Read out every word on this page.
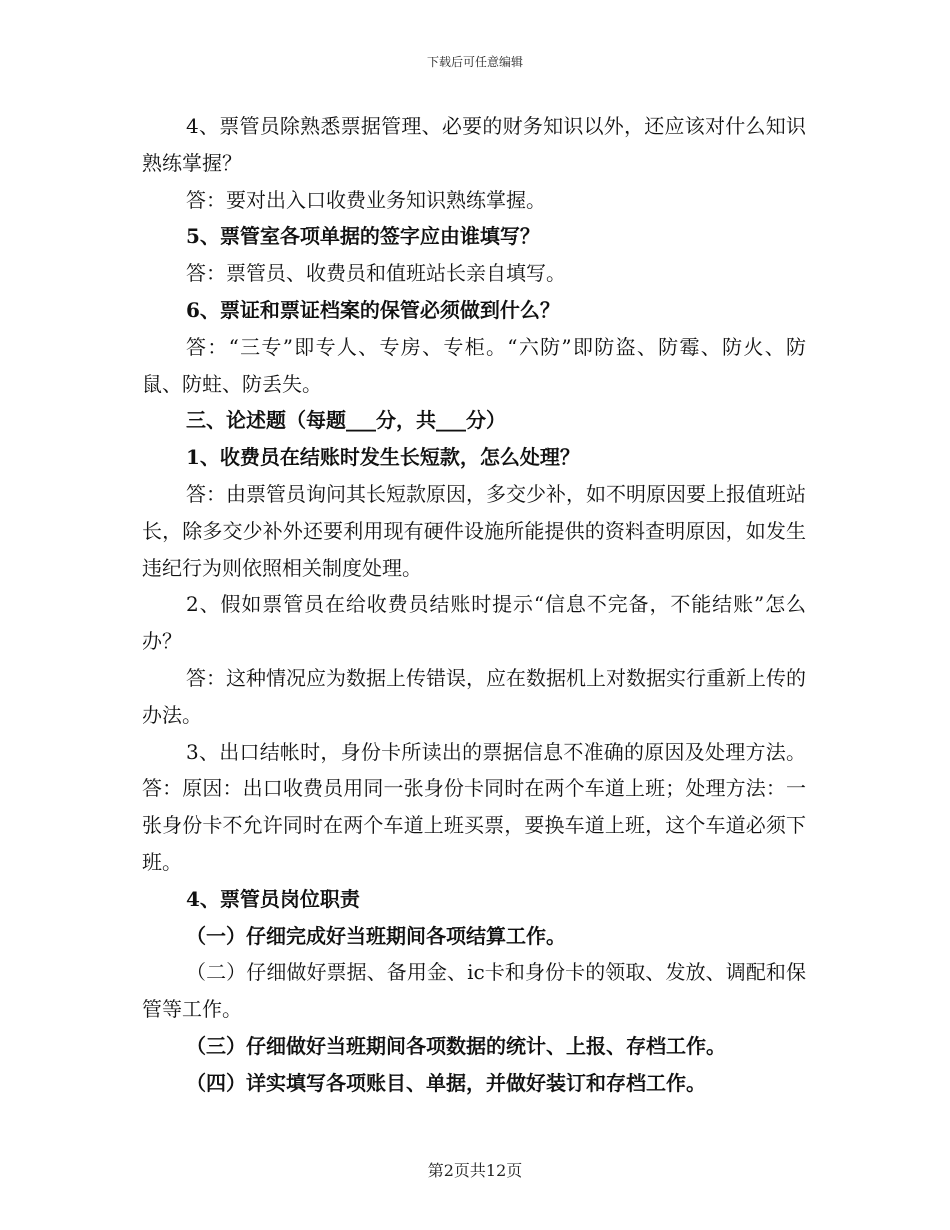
下载后可任意编辑

4、票管员除熟悉票据管理、必要的财务知识以外，还应该对什么知识熟练掌握？

答：要对出入口收费业务知识熟练掌握。

5、票管室各项单据的签字应由谁填写？

答：票管员、收费员和值班站长亲自填写。

6、票证和票证档案的保管必须做到什么？

答：“三专”即专人、专房、专柜。“六防”即防盗、防霉、防火、防鼠、防蛀、防丢失。

三、论述题（每题___分，共___分）

1、收费员在结账时发生长短款，怎么处理？

答：由票管员询问其长短款原因，多交少补，如不明原因要上报值班站长，除多交少补外还要利用现有硬件设施所能提供的资料查明原因，如发生违纪行为则依照相关制度处理。

2、假如票管员在给收费员结账时提示“信息不完备，不能结账”怎么办？

答：这种情况应为数据上传错误，应在数据机上对数据实行重新上传的办法。

3、出口结帐时，身份卡所读出的票据信息不准确的原因及处理方法。答：原因：出口收费员用同一张身份卡同时在两个车道上班；处理方法：一张身份卡不允许同时在两个车道上班买票，要换车道上班，这个车道必须下班。

4、票管员岗位职责

（一）仔细完成好当班期间各项结算工作。

（二）仔细做好票据、备用金、ic卡和身份卡的领取、发放、调配和保管等工作。

（三）仔细做好当班期间各项数据的统计、上报、存档工作。

（四）详实填写各项账目、单据，并做好装订和存档工作。

第2页共12页
